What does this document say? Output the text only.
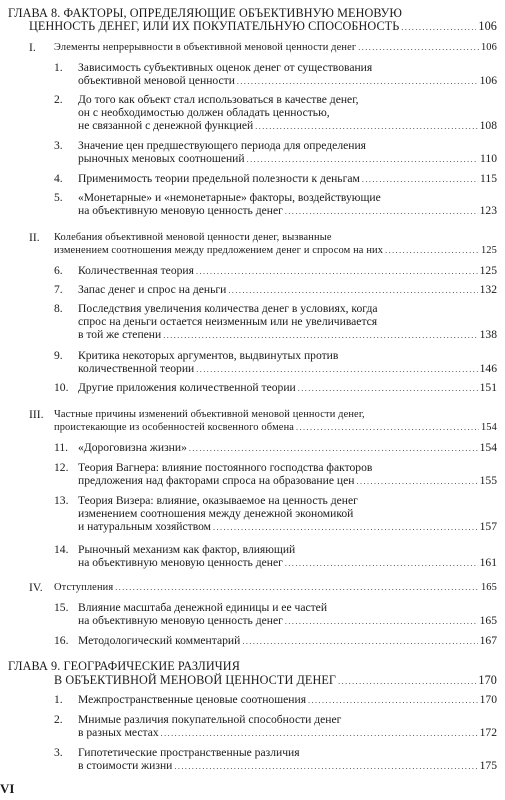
ГЛАВА 8. ФАКТОРЫ, ОПРЕДЕЛЯЮЩИЕ ОБЪЕКТИВНУЮ МЕНОВУЮ
ЦЕННОСТЬ ДЕНЕГ, ИЛИ ИХ ПОКУПАТЕЛЬНУЮ СПОСОБНОСТЬ .....	106
I. Элементы непрерывности в объективной меновой ценности денег .....	106
1. Зависимость субъективных оценок денег от существования
объективной меновой ценности .....	106
2. До того как объект стал использоваться в качестве денег,
он с необходимостью должен обладать ценностью,
не связанной с денежной функцией .....	108
3. Значение цен предшествующего периода для определения
рыночных меновых соотношений .....	110
4. Применимость теории предельной полезности к деньгам .....	115
5. «Монетарные» и «немонетарные» факторы, воздействующие
на объективную меновую ценность денег .....	123
II. Колебания объективной меновой ценности денег, вызванные
изменением соотношения между предложением денег и спросом на них .....	125
6. Количественная теория .....	125
7. Запас денег и спрос на деньги .....	132
8. Последствия увеличения количества денег в условиях, когда
спрос на деньги остается неизменным или не увеличивается
в той же степени .....	138
9. Критика некоторых аргументов, выдвинутых против
количественной теории .....	146
10. Другие приложения количественной теории .....	151
III. Частные причины изменений объективной меновой ценности денег,
проистекающие из особенностей косвенного обмена .....	154
11. «Дороговизна жизни» .....	154
12. Теория Вагнера: влияние постоянного господства факторов
предложения над факторами спроса на образование цен .....	155
13. Теория Визера: влияние, оказываемое на ценность денег
изменением соотношения между денежной экономикой
и натуральным хозяйством .....	157
14. Рыночный механизм как фактор, влияющий
на объективную меновую ценность денег .....	161
IV. Отступления .....	165
15. Влияние масштаба денежной единицы и ее частей
на объективную меновую ценность денег .....	165
16. Методологический комментарий .....	167
ГЛАВА 9. ГЕОГРАФИЧЕСКИЕ РАЗЛИЧИЯ
В ОБЪЕКТИВНОЙ МЕНОВОЙ ЦЕННОСТИ ДЕНЕГ .....	170
1. Межпространственные ценовые соотношения .....	170
2. Мнимые различия покупательной способности денег
в разных местах .....	172
3. Гипотетические пространственные различия
в стоимости жизни .....	175
VI
